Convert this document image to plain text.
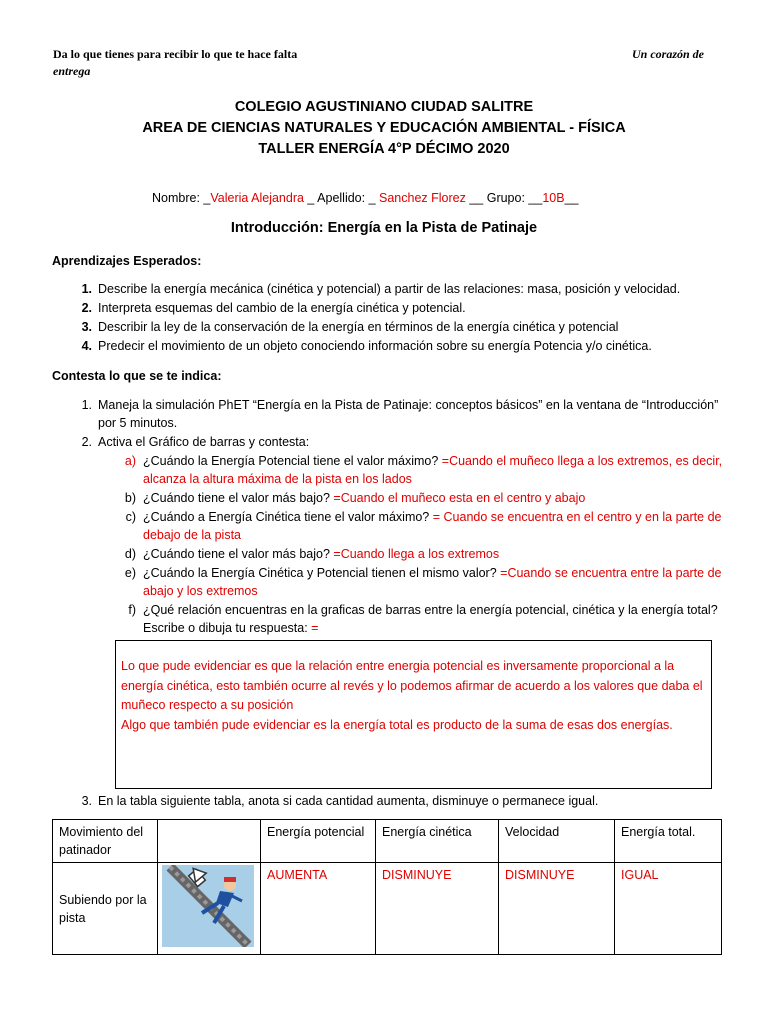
Da lo que tienes para recibir lo que te hace falta	Un corazón de
entrega
COLEGIO AGUSTINIANO CIUDAD SALITRE
AREA DE CIENCIAS NATURALES Y EDUCACIÓN AMBIENTAL - FÍSICA
TALLER ENERGÍA 4°P DÉCIMO 2020
Nombre: _Valeria Alejandra _ Apellido: _ Sanchez Florez __ Grupo: __10B__
Introducción: Energía en la Pista de Patinaje
Aprendizajes Esperados:
1. Describe la energía mecánica (cinética y potencial) a partir de las relaciones: masa, posición y velocidad.
2. Interpreta esquemas del cambio de la energía cinética y potencial.
3. Describir la ley de la conservación de la energía en términos de la energía cinética y potencial
4. Predecir el movimiento de un objeto conociendo información sobre su energía Potencia y/o cinética.
Contesta lo que se te indica:
1. Maneja la simulación PhET “Energía en la Pista de Patinaje: conceptos básicos” en la ventana de “Introducción”
por 5 minutos.
2. Activa el Gráfico de barras y contesta:
a) ¿Cuándo la Energía Potencial tiene el valor máximo? =Cuando el muñeco llega a los extremos, es decir,
alcanza la altura máxima de la pista en los lados
b) ¿Cuándo tiene el valor más bajo? =Cuando el muñeco esta en el centro y abajo
c) ¿Cuándo a Energía Cinética tiene el valor máximo? = Cuando se encuentra en el centro y en la parte de
debajo de la pista
d) ¿Cuándo tiene el valor más bajo? =Cuando llega a los extremos
e) ¿Cuándo la Energía Cinética y Potencial tienen el mismo valor? =Cuando se encuentra entre la parte de
abajo y los extremos
f) ¿Qué relación encuentras en la graficas de barras entre la energía potencial, cinética y la energía total?
Escribe o dibuja tu respuesta: =
Lo que pude evidenciar es que la relación entre energia potencial es inversamente proporcional a la
energía cinética, esto también ocurre al revés y lo podemos afirmar de acuerdo a los valores que daba el
muñeco respecto a su posición
Algo que también pude evidenciar es la energía total es producto de la suma de esas dos energías.
3. En la tabla siguiente tabla, anota si cada cantidad aumenta, disminuye o permanece igual.
Movimiento del patinador		Energía potencial	Energía cinética	Velocidad	Energía total.
Subiendo por la pista		AUMENTA	DISMINUYE	DISMINUYE	IGUAL
